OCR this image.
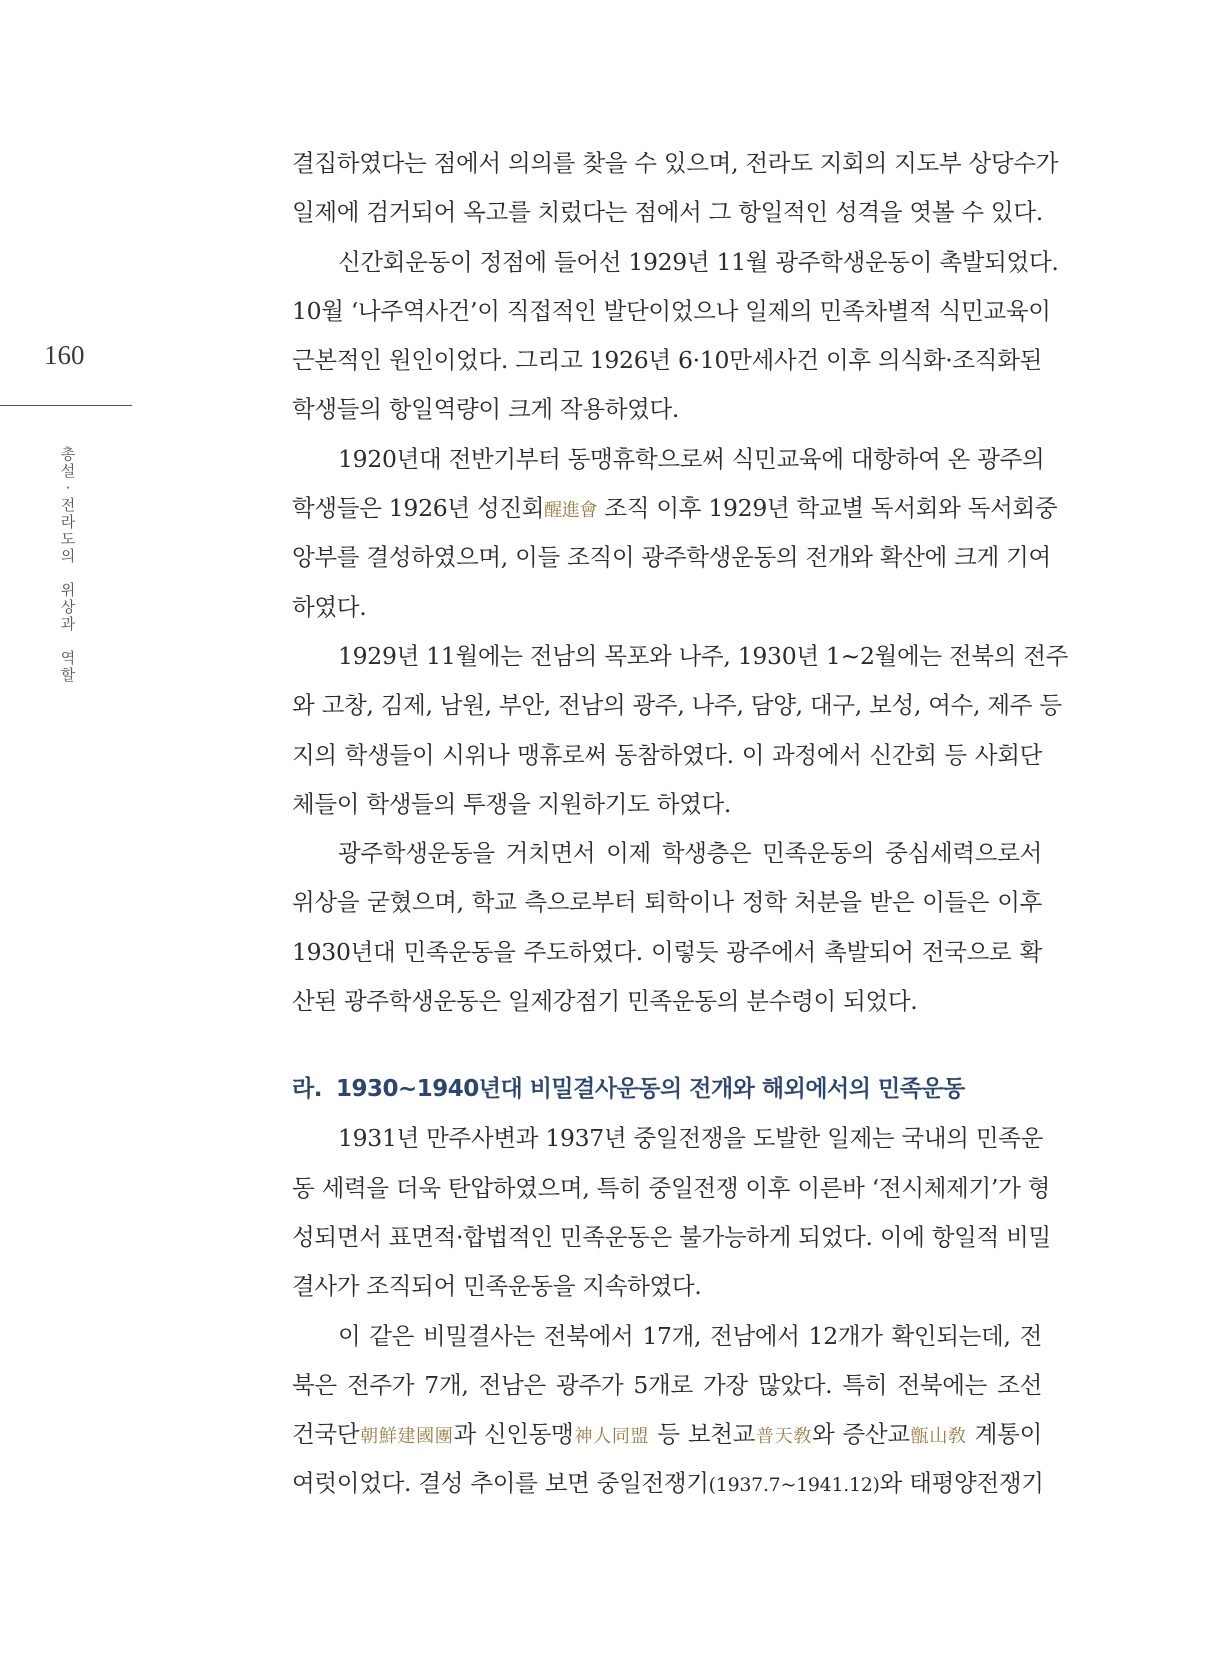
160
총
설
·
전
라
도
의
위
상
과
역
할
결집하였다는 점에서 의의를 찾을 수 있으며, 전라도 지회의 지도부 상당수가
일제에 검거되어 옥고를 치렀다는 점에서 그 항일적인 성격을 엿볼 수 있다.
신간회운동이 정점에 들어선 1929년 11월 광주학생운동이 촉발되었다.
10월 ‘나주역사건’이 직접적인 발단이었으나 일제의 민족차별적 식민교육이
근본적인 원인이었다. 그리고 1926년 6·10만세사건 이후 의식화·조직화된
학생들의 항일역량이 크게 작용하였다.
1920년대 전반기부터 동맹휴학으로써 식민교육에 대항하여 온 광주의
학생들은 1926년 성진회醒進會 조직 이후 1929년 학교별 독서회와 독서회중
앙부를 결성하였으며, 이들 조직이 광주학생운동의 전개와 확산에 크게 기여
하였다.
1929년 11월에는 전남의 목포와 나주, 1930년 1~2월에는 전북의 전주
와 고창, 김제, 남원, 부안, 전남의 광주, 나주, 담양, 대구, 보성, 여수, 제주 등
지의 학생들이 시위나 맹휴로써 동참하였다. 이 과정에서 신간회 등 사회단
체들이 학생들의 투쟁을 지원하기도 하였다.
광주학생운동을 거치면서 이제 학생층은 민족운동의 중심세력으로서
위상을 굳혔으며, 학교 측으로부터 퇴학이나 정학 처분을 받은 이들은 이후
1930년대 민족운동을 주도하였다. 이렇듯 광주에서 촉발되어 전국으로 확
산된 광주학생운동은 일제강점기 민족운동의 분수령이 되었다.
라. 1930~1940년대 비밀결사운동의 전개와 해외에서의 민족운동
1931년 만주사변과 1937년 중일전쟁을 도발한 일제는 국내의 민족운
동 세력을 더욱 탄압하였으며, 특히 중일전쟁 이후 이른바 ‘전시체제기’가 형
성되면서 표면적·합법적인 민족운동은 불가능하게 되었다. 이에 항일적 비밀
결사가 조직되어 민족운동을 지속하였다.
이 같은 비밀결사는 전북에서 17개, 전남에서 12개가 확인되는데, 전
북은 전주가 7개, 전남은 광주가 5개로 가장 많았다. 특히 전북에는 조선
건국단朝鮮建國團과 신인동맹神人同盟 등 보천교普天敎와 증산교甑山敎 계통이
여럿이었다. 결성 추이를 보면 중일전쟁기(1937.7~1941.12)와 태평양전쟁기
